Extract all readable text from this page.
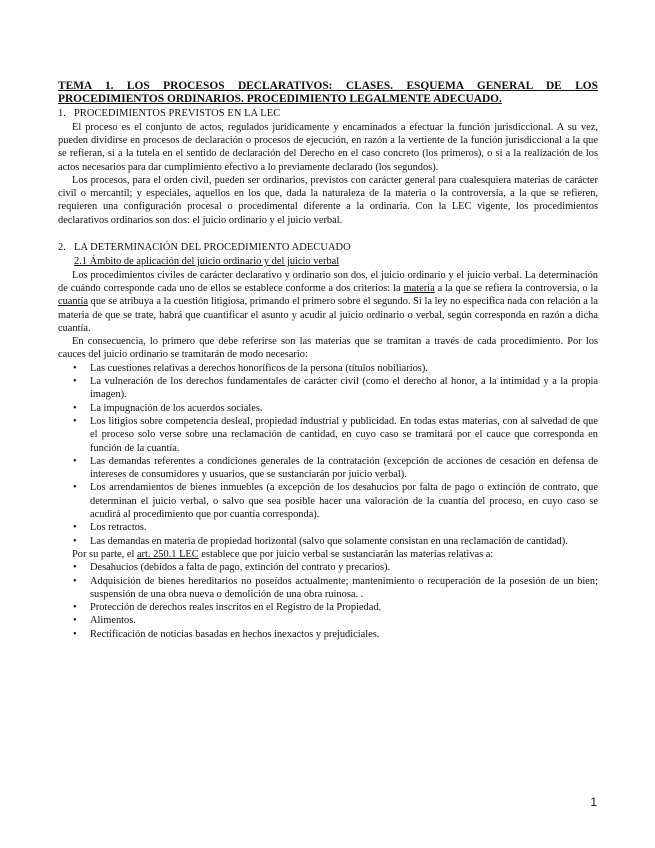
TEMA 1. LOS PROCESOS DECLARATIVOS: CLASES. ESQUEMA GENERAL DE LOS PROCEDIMIENTOS ORDINARIOS. PROCEDIMIENTO LEGALMENTE ADECUADO.
1. PROCEDIMIENTOS PREVISTOS EN LA LEC

El proceso es el conjunto de actos, regulados jurídicamente y encaminados a efectuar la función jurisdiccional. A su vez, pueden dividirse en procesos de declaración o procesos de ejecución, en razón a la vertiente de la función jurisdiccional a la que se refieran, si a la tutela en el sentido de declaración del Derecho en el caso concreto (los primeros), o si a la realización de los actos necesarios para dar cumplimiento efectivo a lo previamente declarado (los segundos).

Los procesos, para el orden civil, pueden ser ordinarios, previstos con carácter general para cualesquiera materias de carácter civil o mercantil; y especiales, aquellos en los que, dada la naturaleza de la materia o la controversia, a la que se refieren, requieren una configuración procesal o procedimental diferente a la ordinaria. Con la LEC vigente, los procedimientos declarativos ordinarios son dos: el juicio ordinario y el juicio verbal.

2. LA DETERMINACIÓN DEL PROCEDIMIENTO ADECUADO
2.1 Ámbito de aplicación del juicio ordinario y del juicio verbal

Los procedimientos civiles de carácter declarativo y ordinario son dos, el juicio ordinario y el juicio verbal. La determinación de cuándo corresponde cada uno de ellos se establece conforme a dos criterios: la materia a la que se refiera la controversia, o la cuantía que se atribuya a la cuestión litigiosa, primando el primero sobre el segundo. Si la ley no especifica nada con relación a la materia de que se trate, habrá que cuantificar el asunto y acudir al juicio ordinario o verbal, según corresponda en razón a dicha cuantía.

En consecuencia, lo primero que debe referirse son las materias que se tramitan a través de cada procedimiento. Por los cauces del juicio ordinario se tramitarán de modo necesario:

• Las cuestiones relativas a derechos honoríficos de la persona (títulos nobiliarios).
• La vulneración de los derechos fundamentales de carácter civil (como el derecho al honor, a la intimidad y a la propia imagen).
• La impugnación de los acuerdos sociales.
• Los litigios sobre competencia desleal, propiedad industrial y publicidad. En todas estas materias, con al salvedad de que el proceso solo verse sobre una reclamación de cantidad, en cuyo caso se tramitará por el cauce que corresponda en función de la cuantía.
• Las demandas referentes a condiciones generales de la contratación (excepción de acciones de cesación en defensa de intereses de consumidores y usuarios, que se sustanciarán por juicio verbal).
• Los arrendamientos de bienes inmuebles (a excepción de los desahucios por falta de pago o extinción de contrato, que determinan el juicio verbal, o salvo que sea posible hacer una valoración de la cuantía del proceso, en cuyo caso se acudirá al procedimiento que por cuantía corresponda).
• Los retractos.
• Las demandas en materia de propiedad horizontal (salvo que solamente consistan en una reclamación de cantidad).

Por su parte, el art. 250.1 LEC establece que por juicio verbal se sustanciarán las materias relativas a:

• Desahucios (debidos a falta de pago, extinción del contrato y precarios).
• Adquisición de bienes hereditarios no poseídos actualmente; mantenimiento o recuperación de la posesión de un bien; suspensión de una obra nueva o demolición de una obra ruinosa. .
• Protección de derechos reales inscritos en el Registro de la Propiedad.
• Alimentos.
• Rectificación de noticias basadas en hechos inexactos y prejudiciales.
1
